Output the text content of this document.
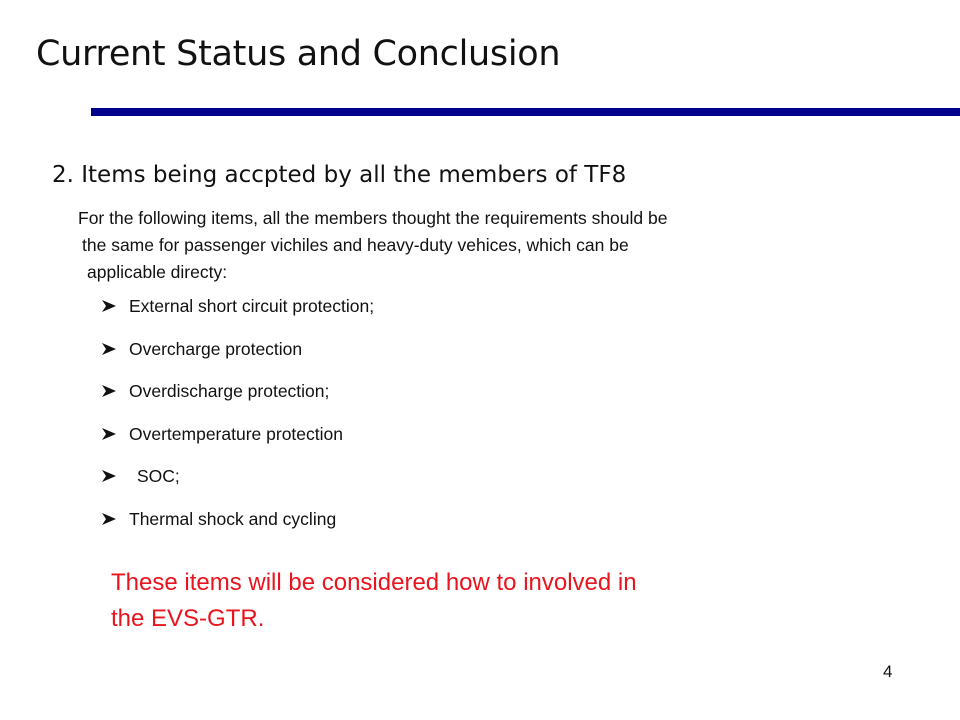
Current Status and Conclusion
2. Items being accpted by all the members of TF8
For the following items, all the members thought the requirements should be
the same for passenger vichiles and heavy-duty vehices, which can be
applicable directy:
External short circuit protection;
Overcharge protection
Overdischarge protection;
Overtemperature protection
SOC;
Thermal shock and cycling
These items will be considered how to involved in
the EVS-GTR.
4
